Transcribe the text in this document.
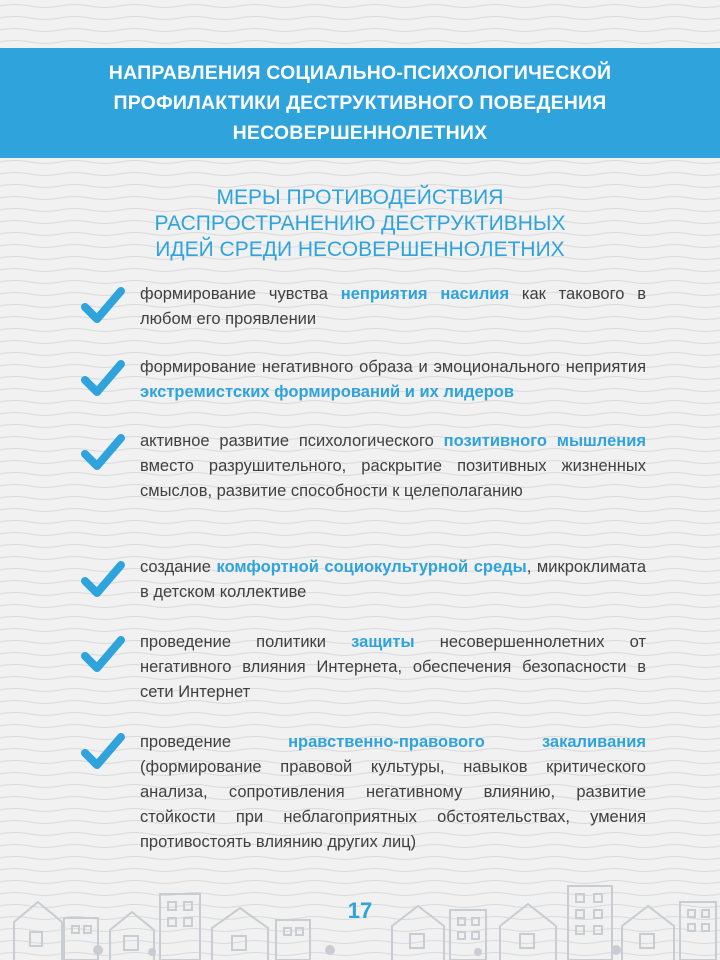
НАПРАВЛЕНИЯ СОЦИАЛЬНО-ПСИХОЛОГИЧЕСКОЙ
ПРОФИЛАКТИКИ ДЕСТРУКТИВНОГО ПОВЕДЕНИЯ
НЕСОВЕРШЕННОЛЕТНИХ
МЕРЫ ПРОТИВОДЕЙСТВИЯ
РАСПРОСТРАНЕНИЮ ДЕСТРУКТИВНЫХ
ИДЕЙ СРЕДИ НЕСОВЕРШЕННОЛЕТНИХ
формирование чувства неприятия насилия как такового в любом его проявлении
формирование негативного образа и эмоционального неприятия экстремистских формирований и их лидеров
активное развитие психологического позитивного мышления вместо разрушительного, раскрытие позитивных жизненных смыслов, развитие способности к целеполаганию
создание комфортной социокультурной среды, микроклимата в детском коллективе
проведение политики защиты несовершеннолетних от негативного влияния Интернета, обеспечения безопасности в сети Интернет
проведение нравственно-правового закаливания (формирование правовой культуры, навыков критического анализа, сопротивления негативному влиянию, развитие стойкости при неблагоприятных обстоятельствах, умения противостоять влиянию других лиц)
17
